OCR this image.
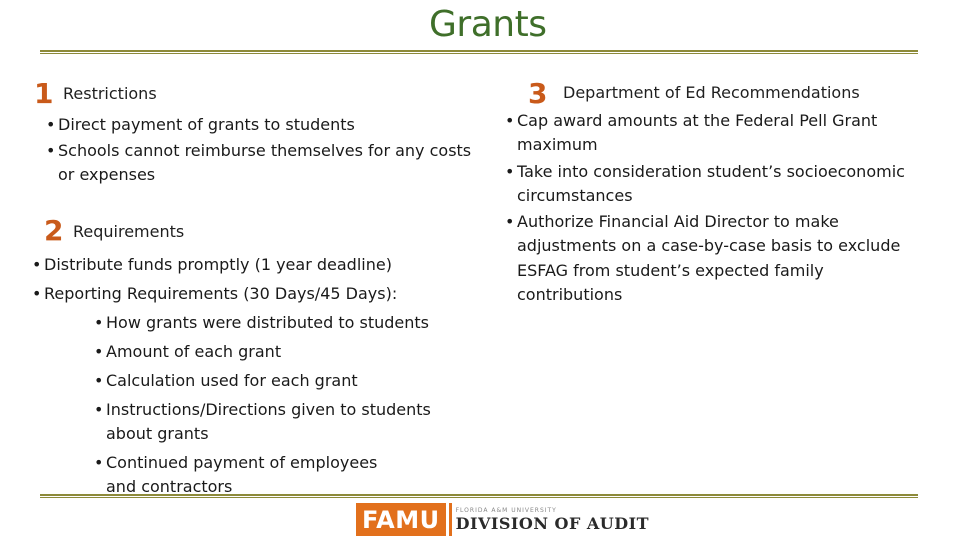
Grants
1 Restrictions
• Direct payment of grants to students
• Schools cannot reimburse themselves for any costs or expenses
2 Requirements
• Distribute funds promptly (1 year deadline)
• Reporting Requirements (30 Days/45 Days):
• How grants were distributed to students
• Amount of each grant
• Calculation used for each grant
• Instructions/Directions given to students about grants
• Continued payment of employees and contractors
3 Department of Ed Recommendations
• Cap award amounts at the Federal Pell Grant maximum
• Take into consideration student’s socioeconomic circumstances
• Authorize Financial Aid Director to make adjustments on a case-by-case basis to exclude ESFAG from student’s expected family contributions
FAMU	FLORIDA A&M UNIVERSITY
DIVISION OF AUDIT
